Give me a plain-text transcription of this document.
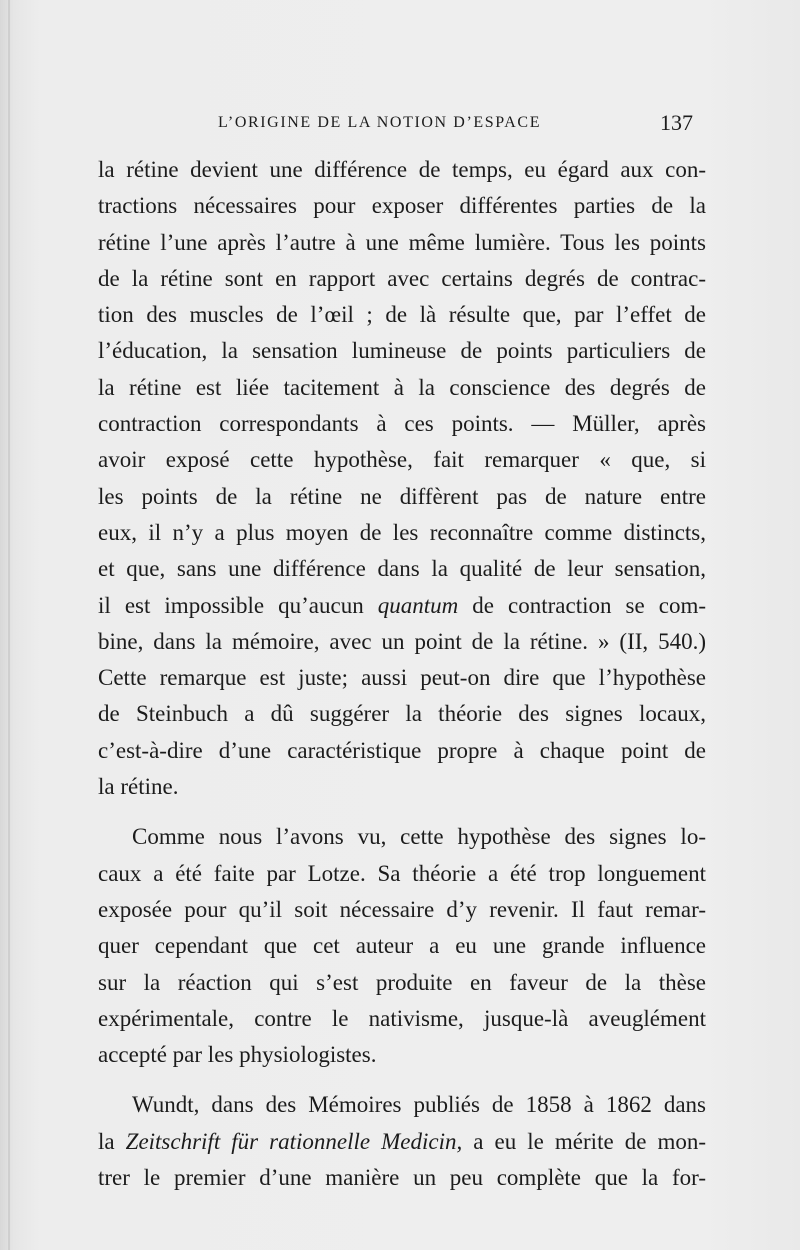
L’ORIGINE DE LA NOTION D’ESPACE	137
la rétine devient une différence de temps, eu égard aux con-
tractions nécessaires pour exposer différentes parties de la
rétine l’une après l’autre à une même lumière. Tous les points
de la rétine sont en rapport avec certains degrés de contrac-
tion des muscles de l’œil ; de là résulte que, par l’effet de
l’éducation, la sensation lumineuse de points particuliers de
la rétine est liée tacitement à la conscience des degrés de
contraction correspondants à ces points. — Müller, après
avoir exposé cette hypothèse, fait remarquer « que, si
les points de la rétine ne diffèrent pas de nature entre
eux, il n’y a plus moyen de les reconnaître comme distincts,
et que, sans une différence dans la qualité de leur sensation,
il est impossible qu’aucun quantum de contraction se com-
bine, dans la mémoire, avec un point de la rétine. » (II, 540.)
Cette remarque est juste; aussi peut-on dire que l’hypothèse
de Steinbuch a dû suggérer la théorie des signes locaux,
c’est-à-dire d’une caractéristique propre à chaque point de
la rétine.
Comme nous l’avons vu, cette hypothèse des signes lo-
caux a été faite par Lotze. Sa théorie a été trop longuement
exposée pour qu’il soit nécessaire d’y revenir. Il faut remar-
quer cependant que cet auteur a eu une grande influence
sur la réaction qui s’est produite en faveur de la thèse
expérimentale, contre le nativisme, jusque-là aveuglément
accepté par les physiologistes.
Wundt, dans des Mémoires publiés de 1858 à 1862 dans
la Zeitschrift für rationnelle Medicin, a eu le mérite de mon-
trer le premier d’une manière un peu complète que la for-
